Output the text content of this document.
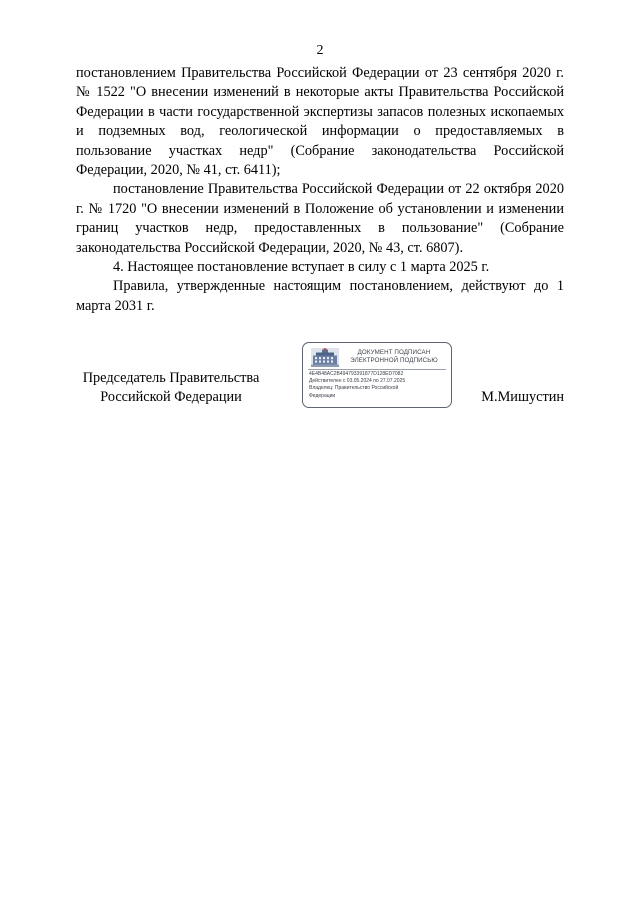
2

постановлением Правительства Российской Федерации от 23 сентября 2020 г. № 1522 "О внесении изменений в некоторые акты Правительства Российской Федерации в части государственной экспертизы запасов полезных ископаемых и подземных вод, геологической информации о предоставляемых в пользование участках недр" (Собрание законодательства Российской Федерации, 2020, № 41, ст. 6411);

постановление Правительства Российской Федерации от 22 октября 2020 г. № 1720 "О внесении изменений в Положение об установлении и изменении границ участков недр, предоставленных в пользование" (Собрание законодательства Российской Федерации, 2020, № 43, ст. 6807).

4. Настоящее постановление вступает в силу с 1 марта 2025 г.

Правила, утвержденные настоящим постановлением, действуют до 1 марта 2031 г.

Председатель Правительства
Российской Федерации
ДОКУМЕНТ ПОДПИСАН
ЭЛЕКТРОННОЙ ПОДПИСЬЮ
4E4B48AC2B494793391877D128ED7082
Действителен с 03.05.2024 по 27.07.2025
Владелец: Правительство Российской
Федерации	М.Мишустин
